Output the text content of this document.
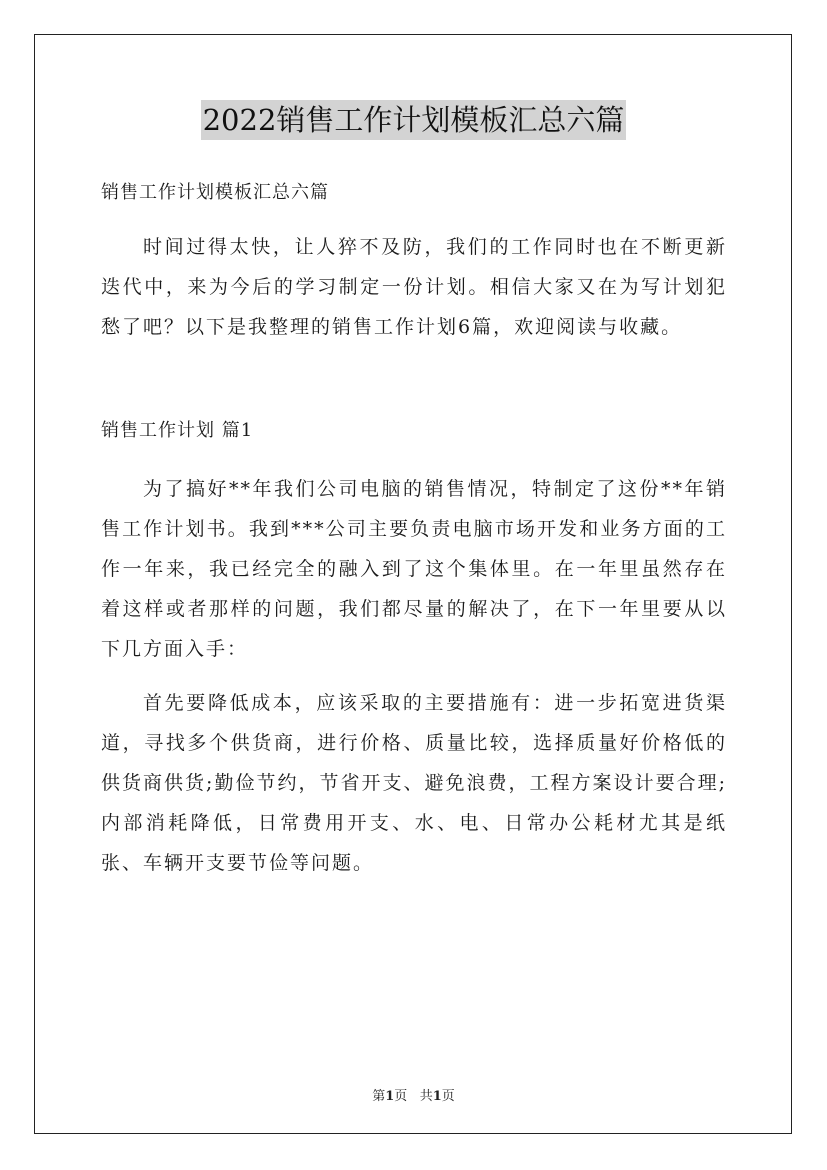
2022销售工作计划模板汇总六篇

销售工作计划模板汇总六篇

时间过得太快，让人猝不及防，我们的工作同时也在不断更新迭代中，来为今后的学习制定一份计划。相信大家又在为写计划犯愁了吧？以下是我整理的销售工作计划6篇，欢迎阅读与收藏。

销售工作计划 篇1

为了搞好**年我们公司电脑的销售情况，特制定了这份**年销售工作计划书。我到***公司主要负责电脑市场开发和业务方面的工作一年来，我已经完全的融入到了这个集体里。在一年里虽然存在着这样或者那样的问题，我们都尽量的解决了，在下一年里要从以下几方面入手：

首先要降低成本，应该采取的主要措施有：进一步拓宽进货渠道，寻找多个供货商，进行价格、质量比较，选择质量好价格低的供货商供货;勤俭节约，节省开支、避免浪费，工程方案设计要合理;内部消耗降低，日常费用开支、水、电、日常办公耗材尤其是纸张、车辆开支要节俭等问题。

第1页 共1页
